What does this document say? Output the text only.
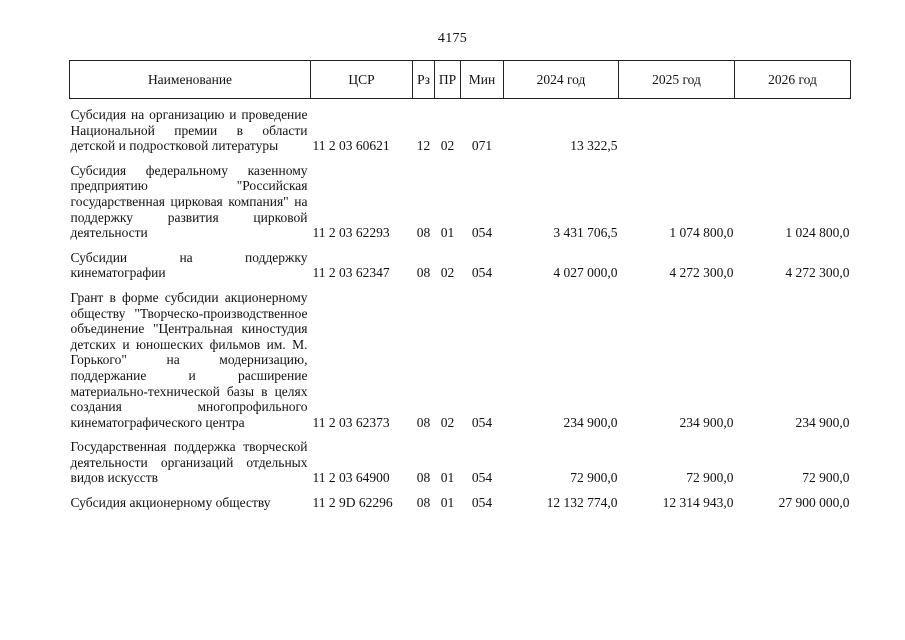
4175
Наименование	ЦСР	Рз	ПР	Мин	2024 год	2025 год	2026 год
Субсидия на организацию и проведение Национальной премии в области детской и подростковой литературы	11 2 03 60621	12	02	071	13 322,5		
Субсидия федеральному казенному предприятию "Российская государственная цирковая компания" на поддержку развития цирковой деятельности	11 2 03 62293	08	01	054	3 431 706,5	1 074 800,0	1 024 800,0
Субсидии на поддержку кинематографии	11 2 03 62347	08	02	054	4 027 000,0	4 272 300,0	4 272 300,0
Грант в форме субсидии акционерному обществу "Творческо-производственное объединение "Центральная киностудия детских и юношеских фильмов им. М. Горького" на модернизацию, поддержание и расширение материально-технической базы в целях создания многопрофильного кинематографического центра	11 2 03 62373	08	02	054	234 900,0	234 900,0	234 900,0
Государственная поддержка творческой деятельности организаций отдельных видов искусств	11 2 03 64900	08	01	054	72 900,0	72 900,0	72 900,0
Субсидия акционерному обществу	11 2 9D 62296	08	01	054	12 132 774,0	12 314 943,0	27 900 000,0
